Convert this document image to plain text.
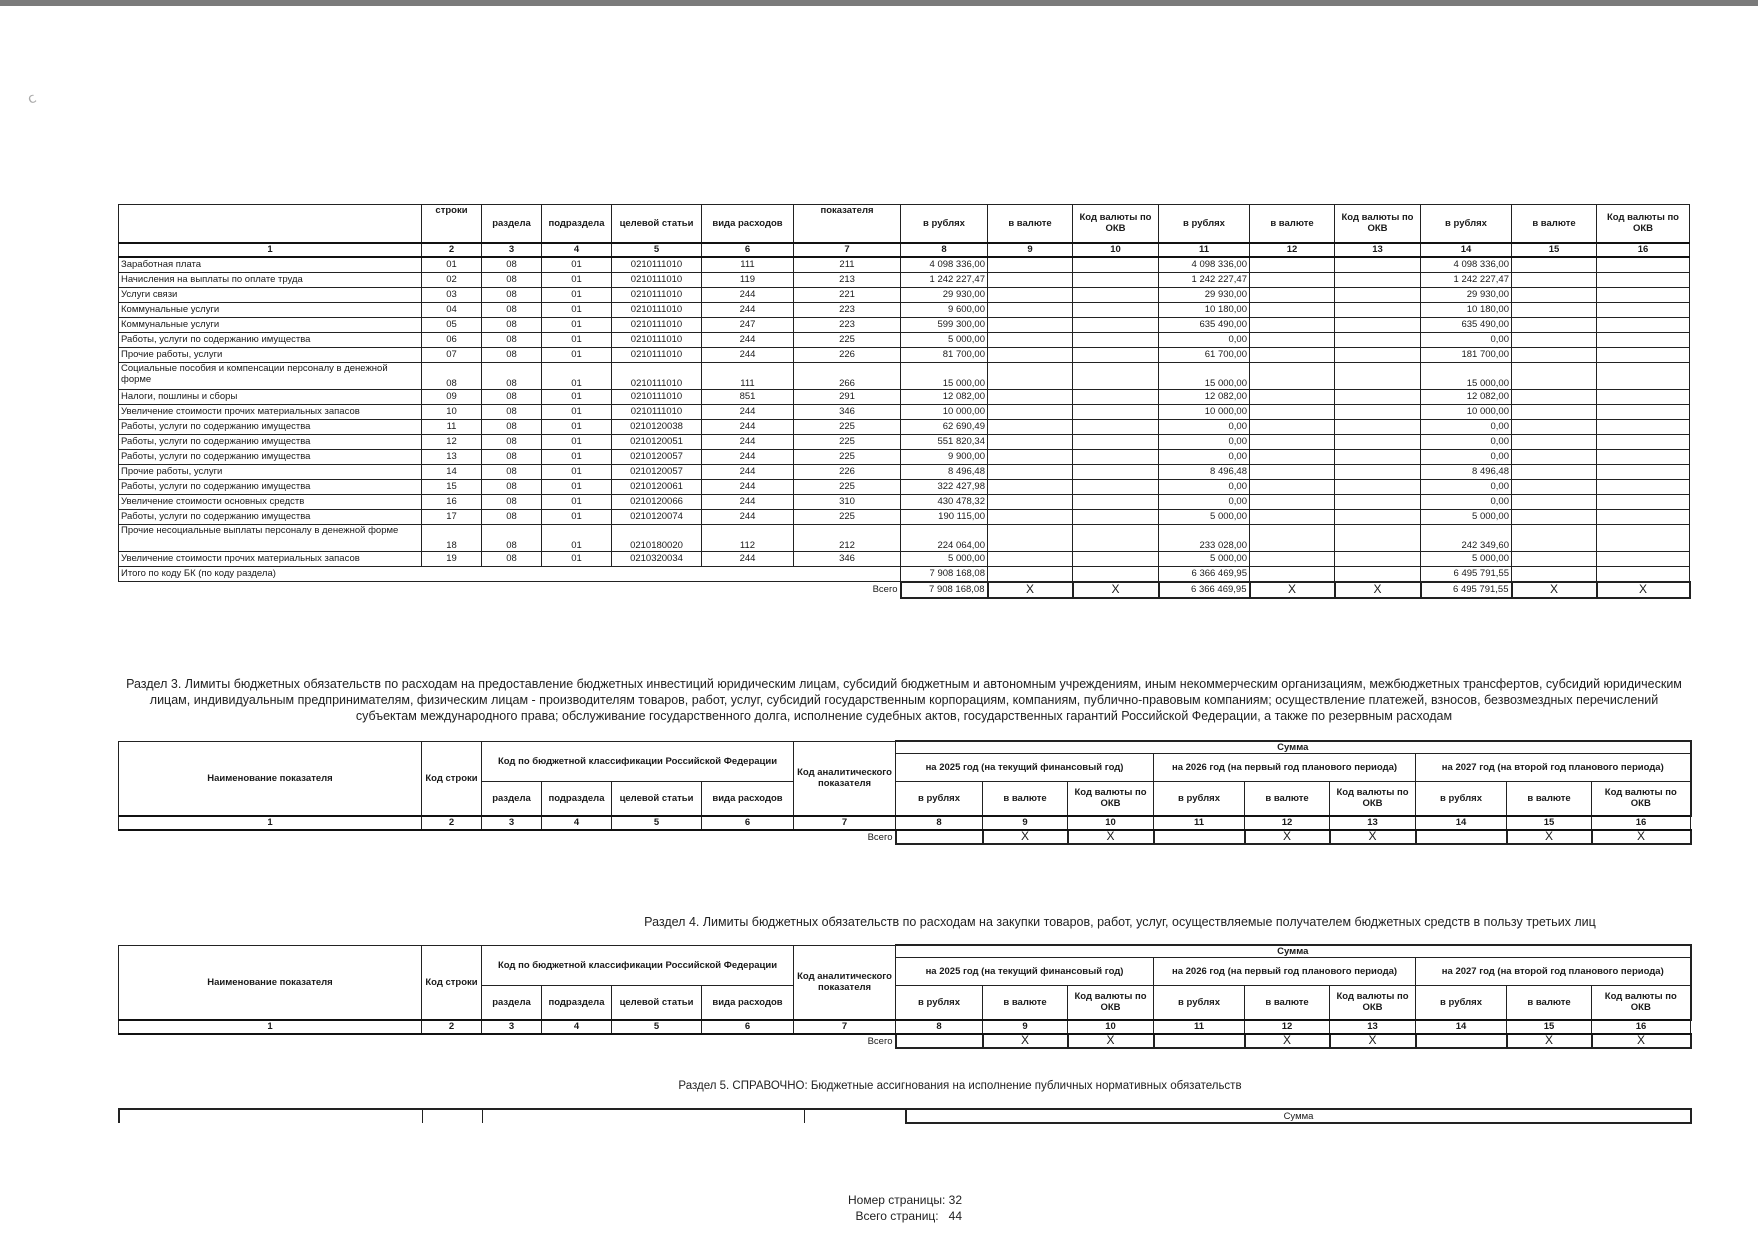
ⅽ
	строки	раздела	подраздела	целевой статьи	вида расходов	показателя	в рублях	в валюте	Код валюты по ОКВ	в рублях	в валюте	Код валюты по ОКВ	в рублях	в валюте	Код валюты по ОКВ
1	2	3	4	5	6	7	8	9	10	11	12	13	14	15	16
Заработная плата	01	08	01	0210111010	111	211	4 098 336,00			4 098 336,00			4 098 336,00		
Начисления на выплаты по оплате труда	02	08	01	0210111010	119	213	1 242 227,47			1 242 227,47			1 242 227,47		
Услуги связи	03	08	01	0210111010	244	221	29 930,00			29 930,00			29 930,00		
Коммунальные услуги	04	08	01	0210111010	244	223	9 600,00			10 180,00			10 180,00		
Коммунальные услуги	05	08	01	0210111010	247	223	599 300,00			635 490,00			635 490,00		
Работы, услуги по содержанию имущества	06	08	01	0210111010	244	225	5 000,00			0,00			0,00		
Прочие работы, услуги	07	08	01	0210111010	244	226	81 700,00			61 700,00			181 700,00		
Социальные пособия и компенсации персоналу в денежной форме	08	08	01	0210111010	111	266	15 000,00			15 000,00			15 000,00		
Налоги, пошлины и сборы	09	08	01	0210111010	851	291	12 082,00			12 082,00			12 082,00		
Увеличение стоимости прочих материальных запасов	10	08	01	0210111010	244	346	10 000,00			10 000,00			10 000,00		
Работы, услуги по содержанию имущества	11	08	01	0210120038	244	225	62 690,49			0,00			0,00		
Работы, услуги по содержанию имущества	12	08	01	0210120051	244	225	551 820,34			0,00			0,00		
Работы, услуги по содержанию имущества	13	08	01	0210120057	244	225	9 900,00			0,00			0,00		
Прочие работы, услуги	14	08	01	0210120057	244	226	8 496,48			8 496,48			8 496,48		
Работы, услуги по содержанию имущества	15	08	01	0210120061	244	225	322 427,98			0,00			0,00		
Увеличение стоимости основных средств	16	08	01	0210120066	244	310	430 478,32			0,00			0,00		
Работы, услуги по содержанию имущества	17	08	01	0210120074	244	225	190 115,00			5 000,00			5 000,00		
Прочие несоциальные выплаты персоналу в денежной форме	18	08	01	0210180020	112	212	224 064,00			233 028,00			242 349,60		
Увеличение стоимости прочих материальных запасов	19	08	01	0210320034	244	346	5 000,00			5 000,00			5 000,00		
Итого по коду БК (по коду раздела)							7 908 168,08			6 366 469,95			6 495 791,55		
Всего							7 908 168,08	X	X	6 366 469,95	X	X	6 495 791,55	X	X
Раздел 3. Лимиты бюджетных обязательств по расходам на предоставление бюджетных инвестиций юридическим лицам, субсидий бюджетным и автономным учреждениям, иным некоммерческим организациям, межбюджетных трансфертов, субсидий юридическим лицам, индивидуальным предпринимателям, физическим лицам - производителям товаров, работ, услуг, субсидий государственным корпорациям, компаниям, публично-правовым компаниям; осуществление платежей, взносов, безвозмездных перечислений субъектам международного права; обслуживание государственного долга, исполнение судебных актов, государственных гарантий Российской Федерации, а также по резервным расходам
Наименование показателя	Код строки	Код по бюджетной классификации Российской Федерации				Код аналитического показателя	Сумма								
							на 2025 год (на текущий финансовый год)			на 2026 год (на первый год планового периода)			на 2027 год (на второй год планового периода)		
		раздела	подраздела	целевой статьи	вида расходов		в рублях	в валюте	Код валюты по ОКВ	в рублях	в валюте	Код валюты по ОКВ	в рублях	в валюте	Код валюты по ОКВ
1	2	3	4	5	6	7	8	9	10	11	12	13	14	15	16
Всего								X	X		X	X		X	X
Раздел 4. Лимиты бюджетных обязательств по расходам на закупки товаров, работ, услуг, осуществляемые получателем бюджетных средств в пользу третьих лиц
Наименование показателя	Код строки	Код по бюджетной классификации Российской Федерации				Код аналитического показателя	Сумма								
							на 2025 год (на текущий финансовый год)			на 2026 год (на первый год планового периода)			на 2027 год (на второй год планового периода)		
		раздела	подраздела	целевой статьи	вида расходов		в рублях	в валюте	Код валюты по ОКВ	в рублях	в валюте	Код валюты по ОКВ	в рублях	в валюте	Код валюты по ОКВ
1	2	3	4	5	6	7	8	9	10	11	12	13	14	15	16
Всего								X	X		X	X		X	X
Раздел 5. СПРАВОЧНО: Бюджетные ассигнования на исполнение публичных нормативных обязательств
				Сумма
Номер страницы: 32
Всего страниц: 44
